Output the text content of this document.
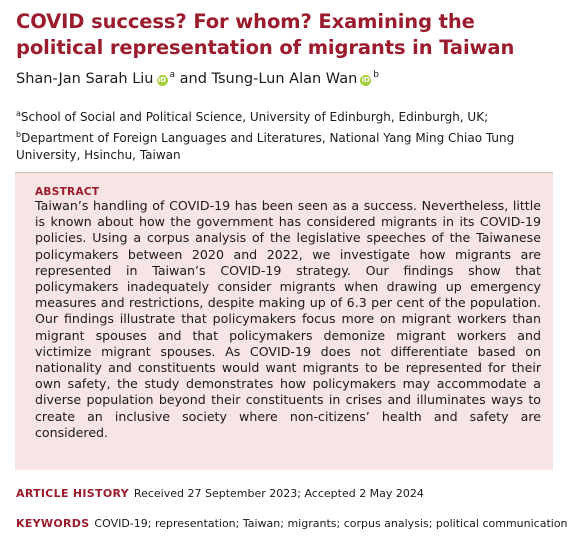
COVID success? For whom? Examining the political representation of migrants in Taiwan
Shan-Jan Sarah Liu iD $^a$ and Tsung-Lun Alan Wan iD $^b$
$^a$School of Social and Political Science, University of Edinburgh, Edinburgh, UK; $^b$Department of Foreign Languages and Literatures, National Yang Ming Chiao Tung University, Hsinchu, Taiwan
ABSTRACT
Taiwan’s handling of COVID-19 has been seen as a success. Nevertheless, little is known about how the government has considered migrants in its COVID-19 policies. Using a corpus analysis of the legislative speeches of the Taiwanese policymakers between 2020 and 2022, we investigate how migrants are represented in Taiwan’s COVID-19 strategy. Our findings show that policymakers inadequately consider migrants when drawing up emergency measures and restrictions, despite making up of 6.3 per cent of the population. Our findings illustrate that policymakers focus more on migrant workers than migrant spouses and that policymakers demonize migrant workers and victimize migrant spouses. As COVID-19 does not differentiate based on nationality and constituents would want migrants to be represented for their own safety, the study demonstrates how policymakers may accommodate a diverse population beyond their constituents in crises and illuminates ways to create an inclusive society where non-citizens’ health and safety are considered.
ARTICLE HISTORY Received 27 September 2023; Accepted 2 May 2024
KEYWORDS COVID-19; representation; Taiwan; migrants; corpus analysis; political communication
